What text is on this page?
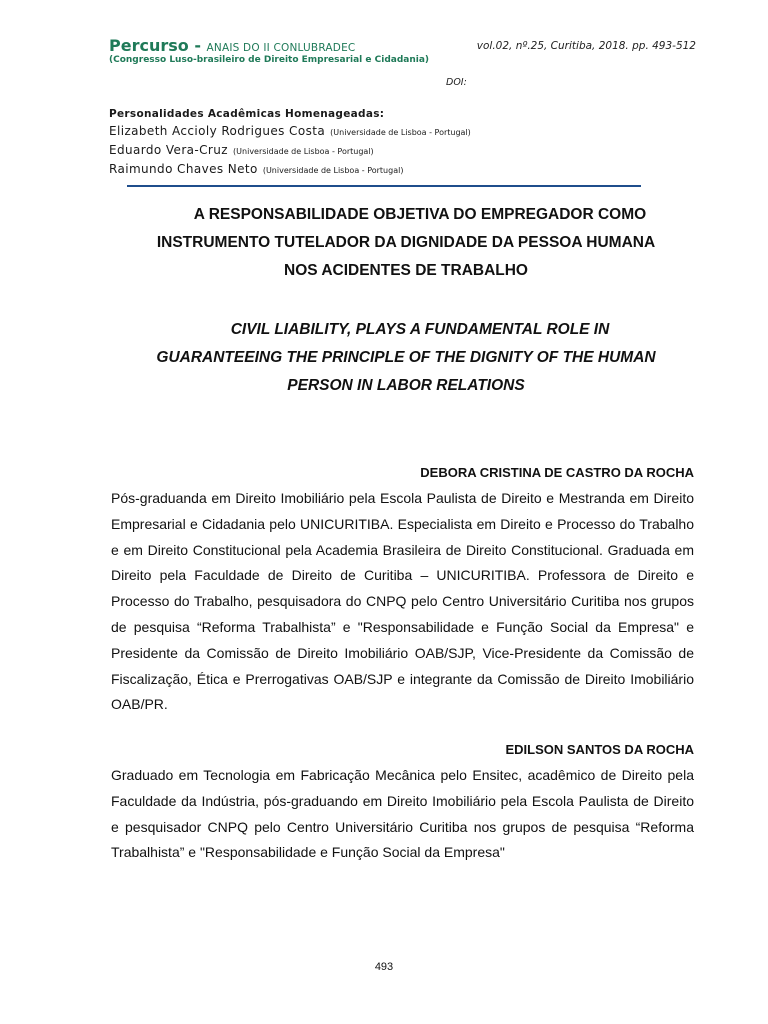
Percurso - ANAIS DO II CONLUBRADEC
(Congresso Luso-brasileiro de Direito Empresarial e Cidadania)
vol.02, nº.25, Curitiba, 2018. pp. 493-512
DOI:
Personalidades Acadêmicas Homenageadas:
Elizabeth Accioly Rodrigues Costa (Universidade de Lisboa - Portugal)
Eduardo Vera-Cruz (Universidade de Lisboa - Portugal)
Raimundo Chaves Neto (Universidade de Lisboa - Portugal)
A RESPONSABILIDADE OBJETIVA DO EMPREGADOR COMO
INSTRUMENTO TUTELADOR DA DIGNIDADE DA PESSOA HUMANA
NOS ACIDENTES DE TRABALHO
CIVIL LIABILITY, PLAYS A FUNDAMENTAL ROLE IN
GUARANTEEING THE PRINCIPLE OF THE DIGNITY OF THE HUMAN
PERSON IN LABOR RELATIONS
DEBORA CRISTINA DE CASTRO DA ROCHA

Pós-graduanda em Direito Imobiliário pela Escola Paulista de Direito e Mestranda em Direito Empresarial e Cidadania pelo UNICURITIBA. Especialista em Direito e Processo do Trabalho e em Direito Constitucional pela Academia Brasileira de Direito Constitucional. Graduada em Direito pela Faculdade de Direito de Curitiba – UNICURITIBA. Professora de Direito e Processo do Trabalho, pesquisadora do CNPQ pelo Centro Universitário Curitiba nos grupos de pesquisa “Reforma Trabalhista” e "Responsabilidade e Função Social da Empresa" e Presidente da Comissão de Direito Imobiliário OAB/SJP, Vice-Presidente da Comissão de Fiscalização, Ética e Prerrogativas OAB/SJP e integrante da Comissão de Direito Imobiliário OAB/PR.

EDILSON SANTOS DA ROCHA

Graduado em Tecnologia em Fabricação Mecânica pelo Ensitec, acadêmico de Direito pela Faculdade da Indústria, pós-graduando em Direito Imobiliário pela Escola Paulista de Direito e pesquisador CNPQ pelo Centro Universitário Curitiba nos grupos de pesquisa “Reforma Trabalhista” e "Responsabilidade e Função Social da Empresa"

493
